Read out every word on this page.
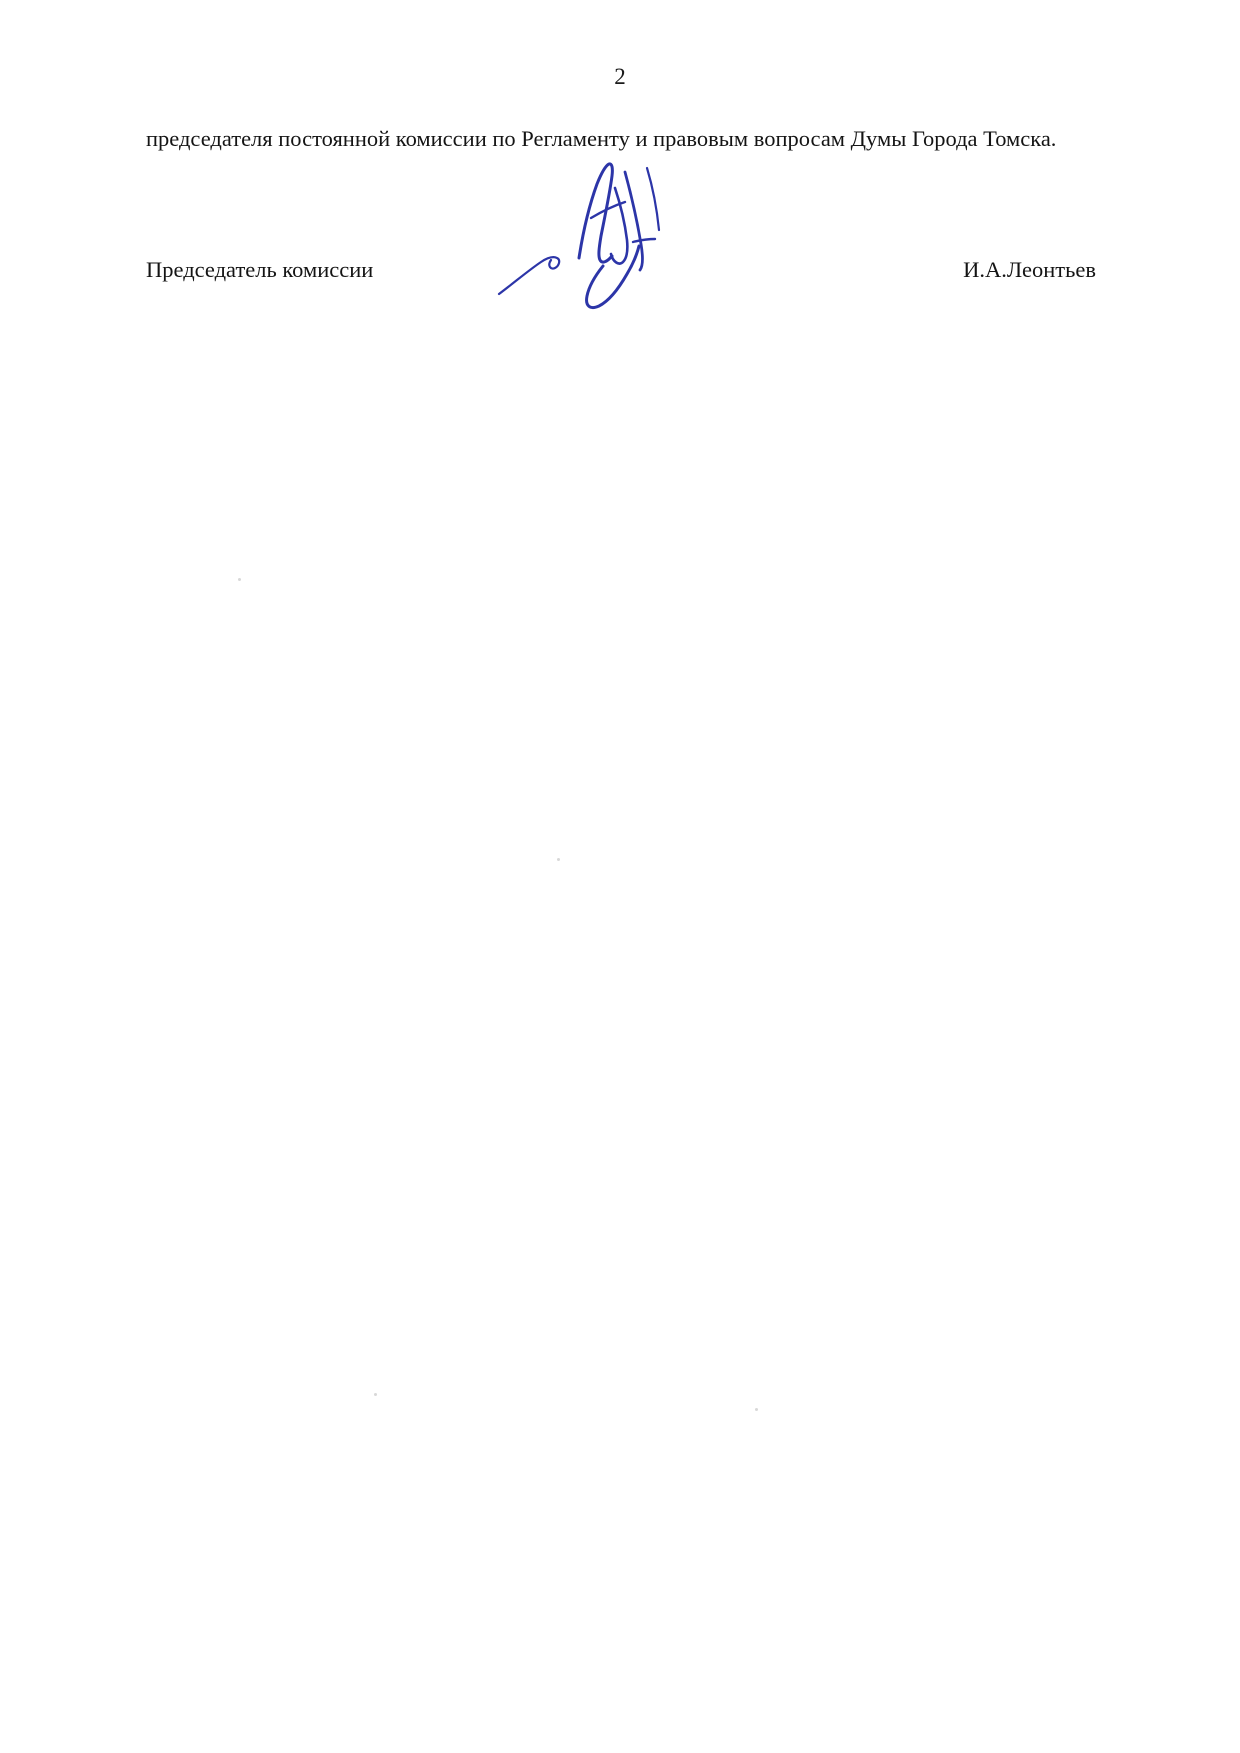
2
председателя постоянной комиссии по Регламенту и правовым вопросам Думы Города Томска.
Председатель комиссии	И.А.Леонтьев
